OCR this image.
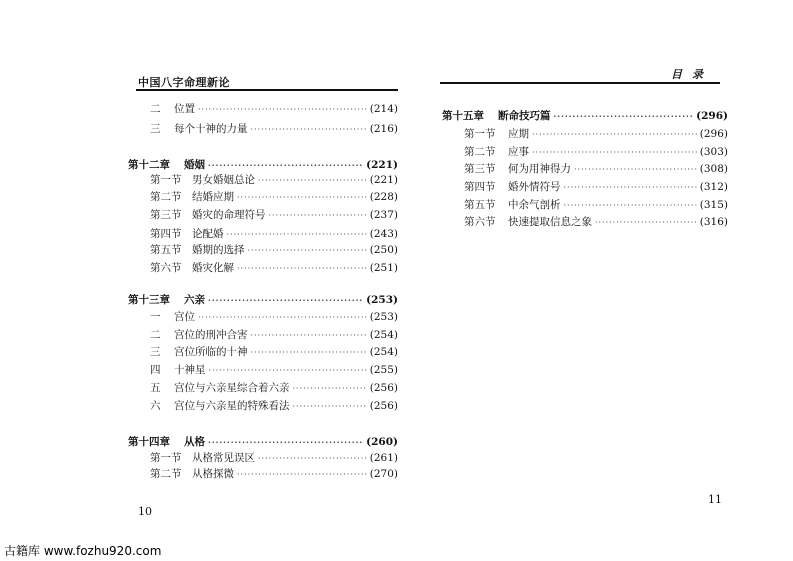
中国八字命理新论
二	位置 ·····	(214)
三	每个十神的力量 ·····	(216)
第十二章	婚姻 ·····	(221)
第一节	男女婚姻总论 ·····	(221)
第二节	结婚应期 ·····	(228)
第三节	婚灾的命理符号 ·····	(237)
第四节	论配婚 ·····	(243)
第五节	婚期的选择 ·····	(250)
第六节	婚灾化解 ·····	(251)
第十三章	六亲 ·····	(253)
一	宫位 ·····	(253)
二	宫位的刑冲合害 ·····	(254)
三	宫位所临的十神 ·····	(254)
四	十神星 ·····	(255)
五	宫位与六亲星综合着六亲 ·····	(256)
六	宫位与六亲星的特殊看法 ·····	(256)
第十四章	从格 ·····	(260)
第一节	从格常见误区 ·····	(261)
第二节	从格探微 ·····	(270)
10
目录
第十五章	断命技巧篇 ·····	(296)
第一节	应期 ·····	(296)
第二节	应事 ·····	(303)
第三节	何为用神得力 ·····	(308)
第四节	婚外情符号 ·····	(312)
第五节	中余气剖析 ·····	(315)
第六节	快速提取信息之象 ·····	(316)
11
古籍库 www.fozhu920.com
